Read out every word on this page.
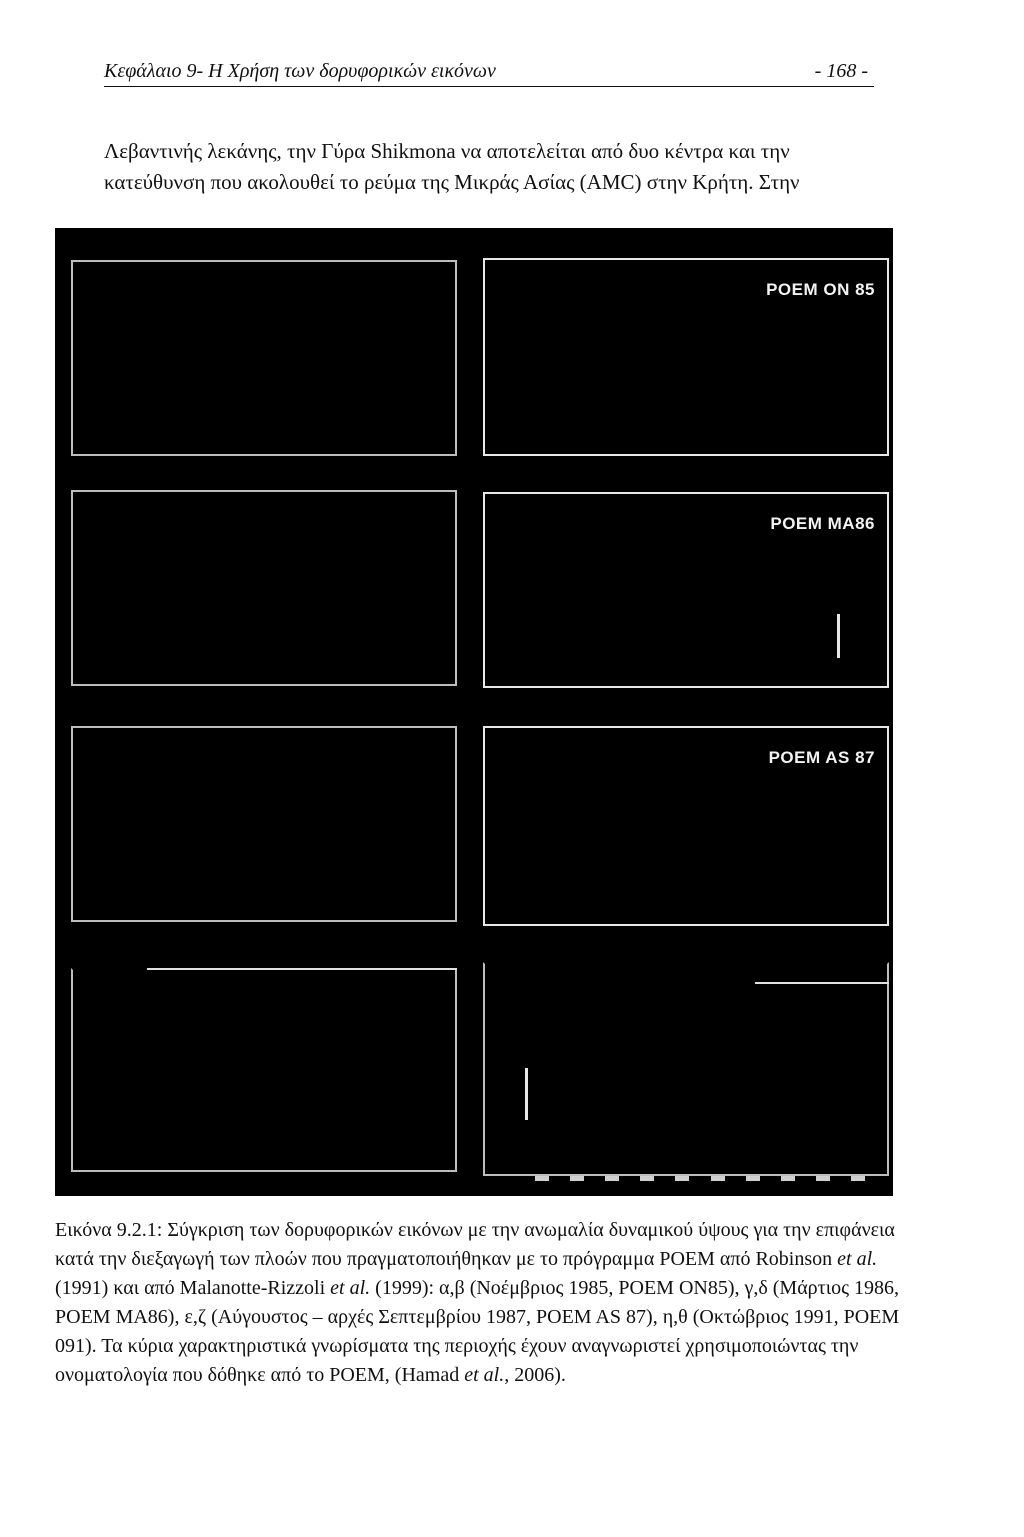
Κεφάλαιο 9- Η Χρήση των δορυφορικών εικόνων	- 168 -

Λεβαντινής λεκάνης, την Γύρα Shikmona να αποτελείται από δυο κέντρα και την κατεύθυνση που ακολουθεί το ρεύμα της Μικράς Ασίας (AMC) στην Κρήτη. Στην

POEM ON 85
POEM MA86
POEM AS 87

Εικόνα 9.2.1: Σύγκριση των δορυφορικών εικόνων με την ανωμαλία δυναμικού ύψους για την επιφάνεια κατά την διεξαγωγή των πλοών που πραγματοποιήθηκαν με το πρόγραμμα POEM από Robinson et al. (1991) και από Malanotte-Rizzoli et al. (1999): α,β (Νοέμβριος 1985, POEM ON85), γ,δ (Μάρτιος 1986, POEM MA86), ε,ζ (Αύγουστος – αρχές Σεπτεμβρίου 1987, POEM AS 87), η,θ (Οκτώβριος 1991, POEM 091). Τα κύρια χαρακτηριστικά γνωρίσματα της περιοχής έχουν αναγνωριστεί χρησιμοποιώντας την ονοματολογία που δόθηκε από το POEM, (Hamad et al., 2006).
